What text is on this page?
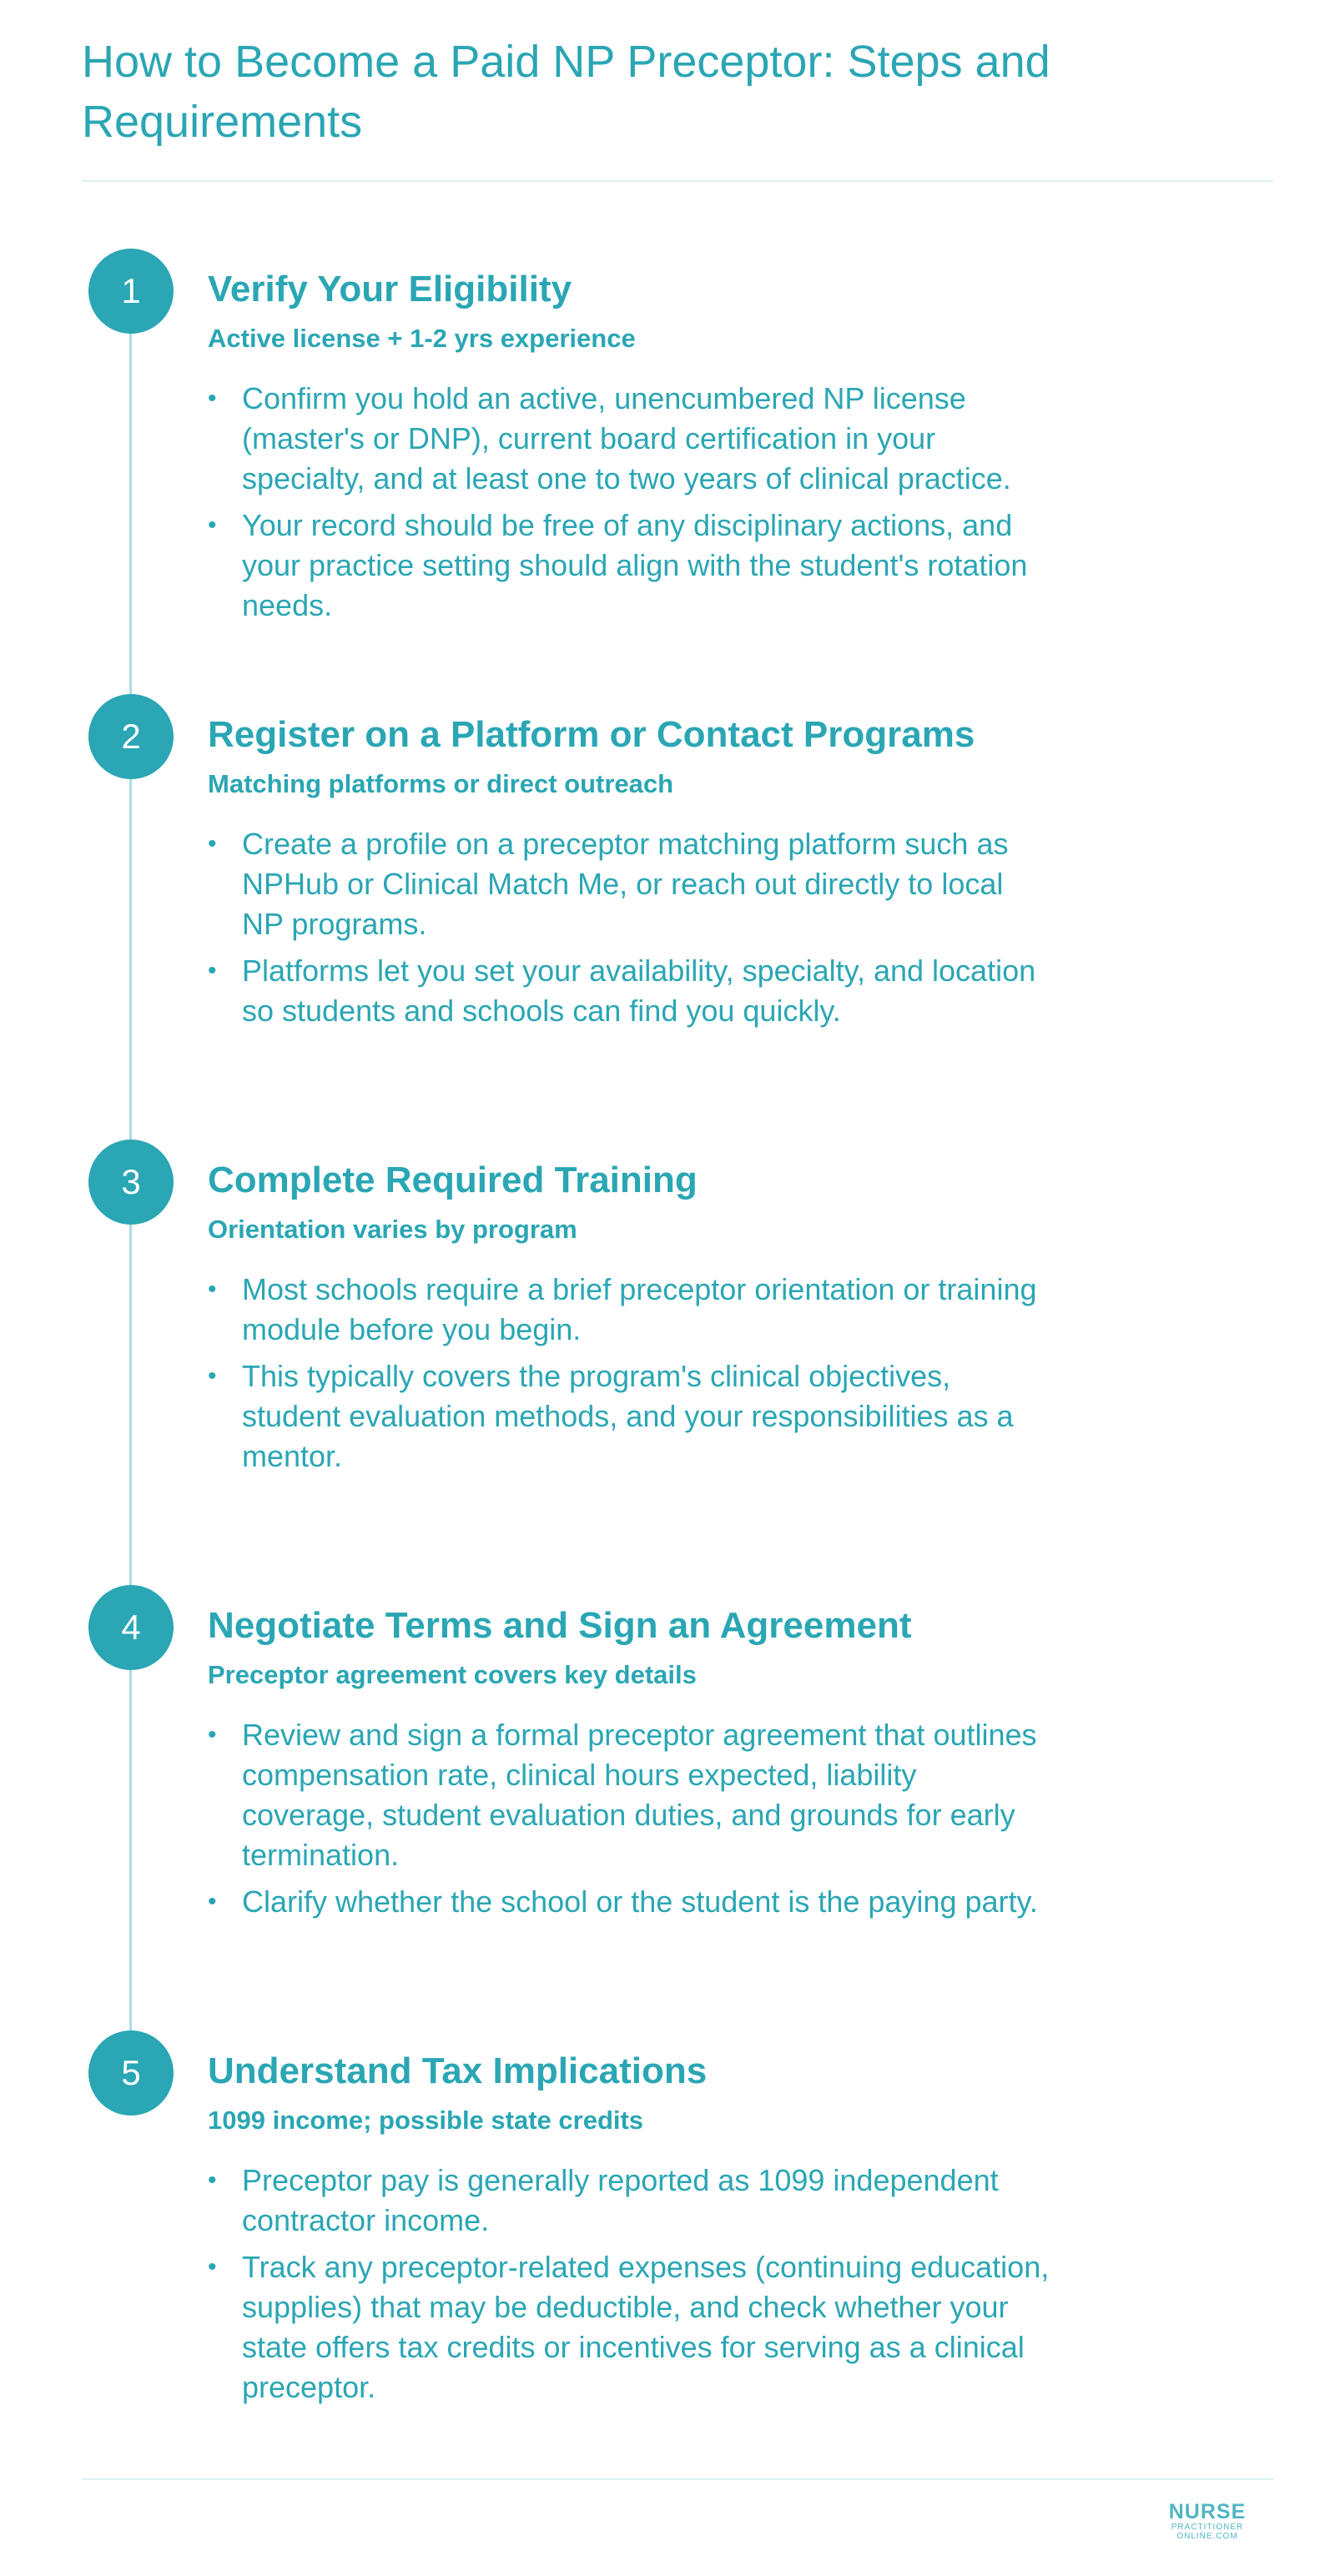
How to Become a Paid NP Preceptor: Steps and Requirements
1	Verify Your Eligibility
Active license + 1-2 yrs experience
• Confirm you hold an active, unencumbered NP license (master's or DNP), current board certification in your specialty, and at least one to two years of clinical practice.
• Your record should be free of any disciplinary actions, and your practice setting should align with the student's rotation needs.
2	Register on a Platform or Contact Programs
Matching platforms or direct outreach
• Create a profile on a preceptor matching platform such as NPHub or Clinical Match Me, or reach out directly to local NP programs.
• Platforms let you set your availability, specialty, and location so students and schools can find you quickly.
3	Complete Required Training
Orientation varies by program
• Most schools require a brief preceptor orientation or training module before you begin.
• This typically covers the program's clinical objectives, student evaluation methods, and your responsibilities as a mentor.
4	Negotiate Terms and Sign an Agreement
Preceptor agreement covers key details
• Review and sign a formal preceptor agreement that outlines compensation rate, clinical hours expected, liability coverage, student evaluation duties, and grounds for early termination.
• Clarify whether the school or the student is the paying party.
5	Understand Tax Implications
1099 income; possible state credits
• Preceptor pay is generally reported as 1099 independent contractor income.
• Track any preceptor-related expenses (continuing education, supplies) that may be deductible, and check whether your state offers tax credits or incentives for serving as a clinical preceptor.
NURSE
PRACTITIONER ONLINE.COM
